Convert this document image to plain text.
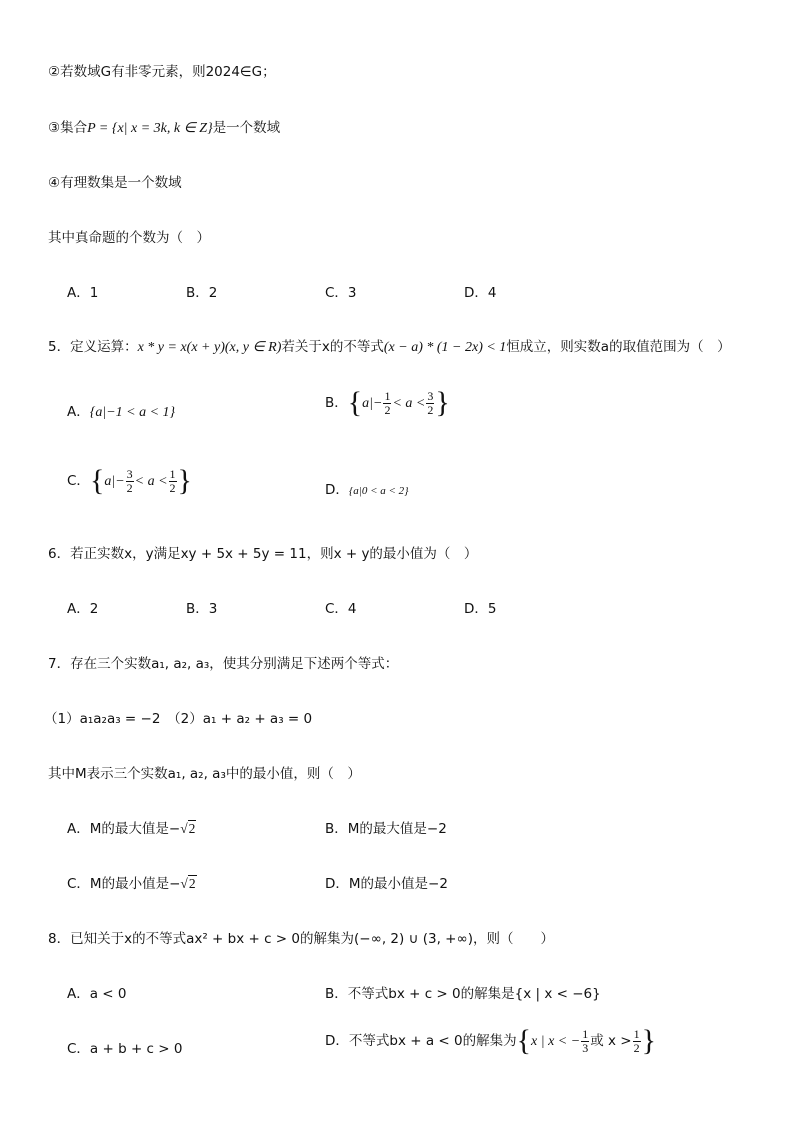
②若数域G有非零元素，则2024∈G；
③集合P = {x| x = 3k, k ∈ Z}是一个数域
④有理数集是一个数域
其中真命题的个数为（　）
A．1	B．2	C．3	D．4
5．定义运算：x * y = x(x + y)(x, y ∈ R)若关于x的不等式(x − a) * (1 − 2x) < 1恒成立，则实数a的取值范围为（　）
A．{a|−1 < a < 1}
B．{$a|- \frac{1}{2} < a < \frac{3}{2}$ }
C．{$a|- \frac{3}{2} < a < \frac{1}{2}$ }	D．{a|0 < a < 2}
6．若正实数x，y满足xy + 5x + 5y = 11，则x + y的最小值为（　）
A．2	B．3	C．4	D．5
7．存在三个实数a₁, a₂, a₃，使其分别满足下述两个等式：
（1）a₁a₂a₃ = −2　（2）a₁ + a₂ + a₃ = 0
其中M表示三个实数a₁, a₂, a₃中的最小值，则（　）
A．M的最大值是−√2	B．M的最大值是−2
C．M的最小值是−√2	D．M的最小值是−2
8．已知关于x的不等式ax² + bx + c > 0的解集为(−∞, 2) ∪ (3, +∞)，则（　　）
A．a < 0	B．不等式bx + c > 0的解集是{x | x < −6}
C．a + b + c > 0	D．不等式bx + a < 0的解集为{x | x < − $\frac{1}{3}$ 或 $x > \frac{1}{2}$ }
